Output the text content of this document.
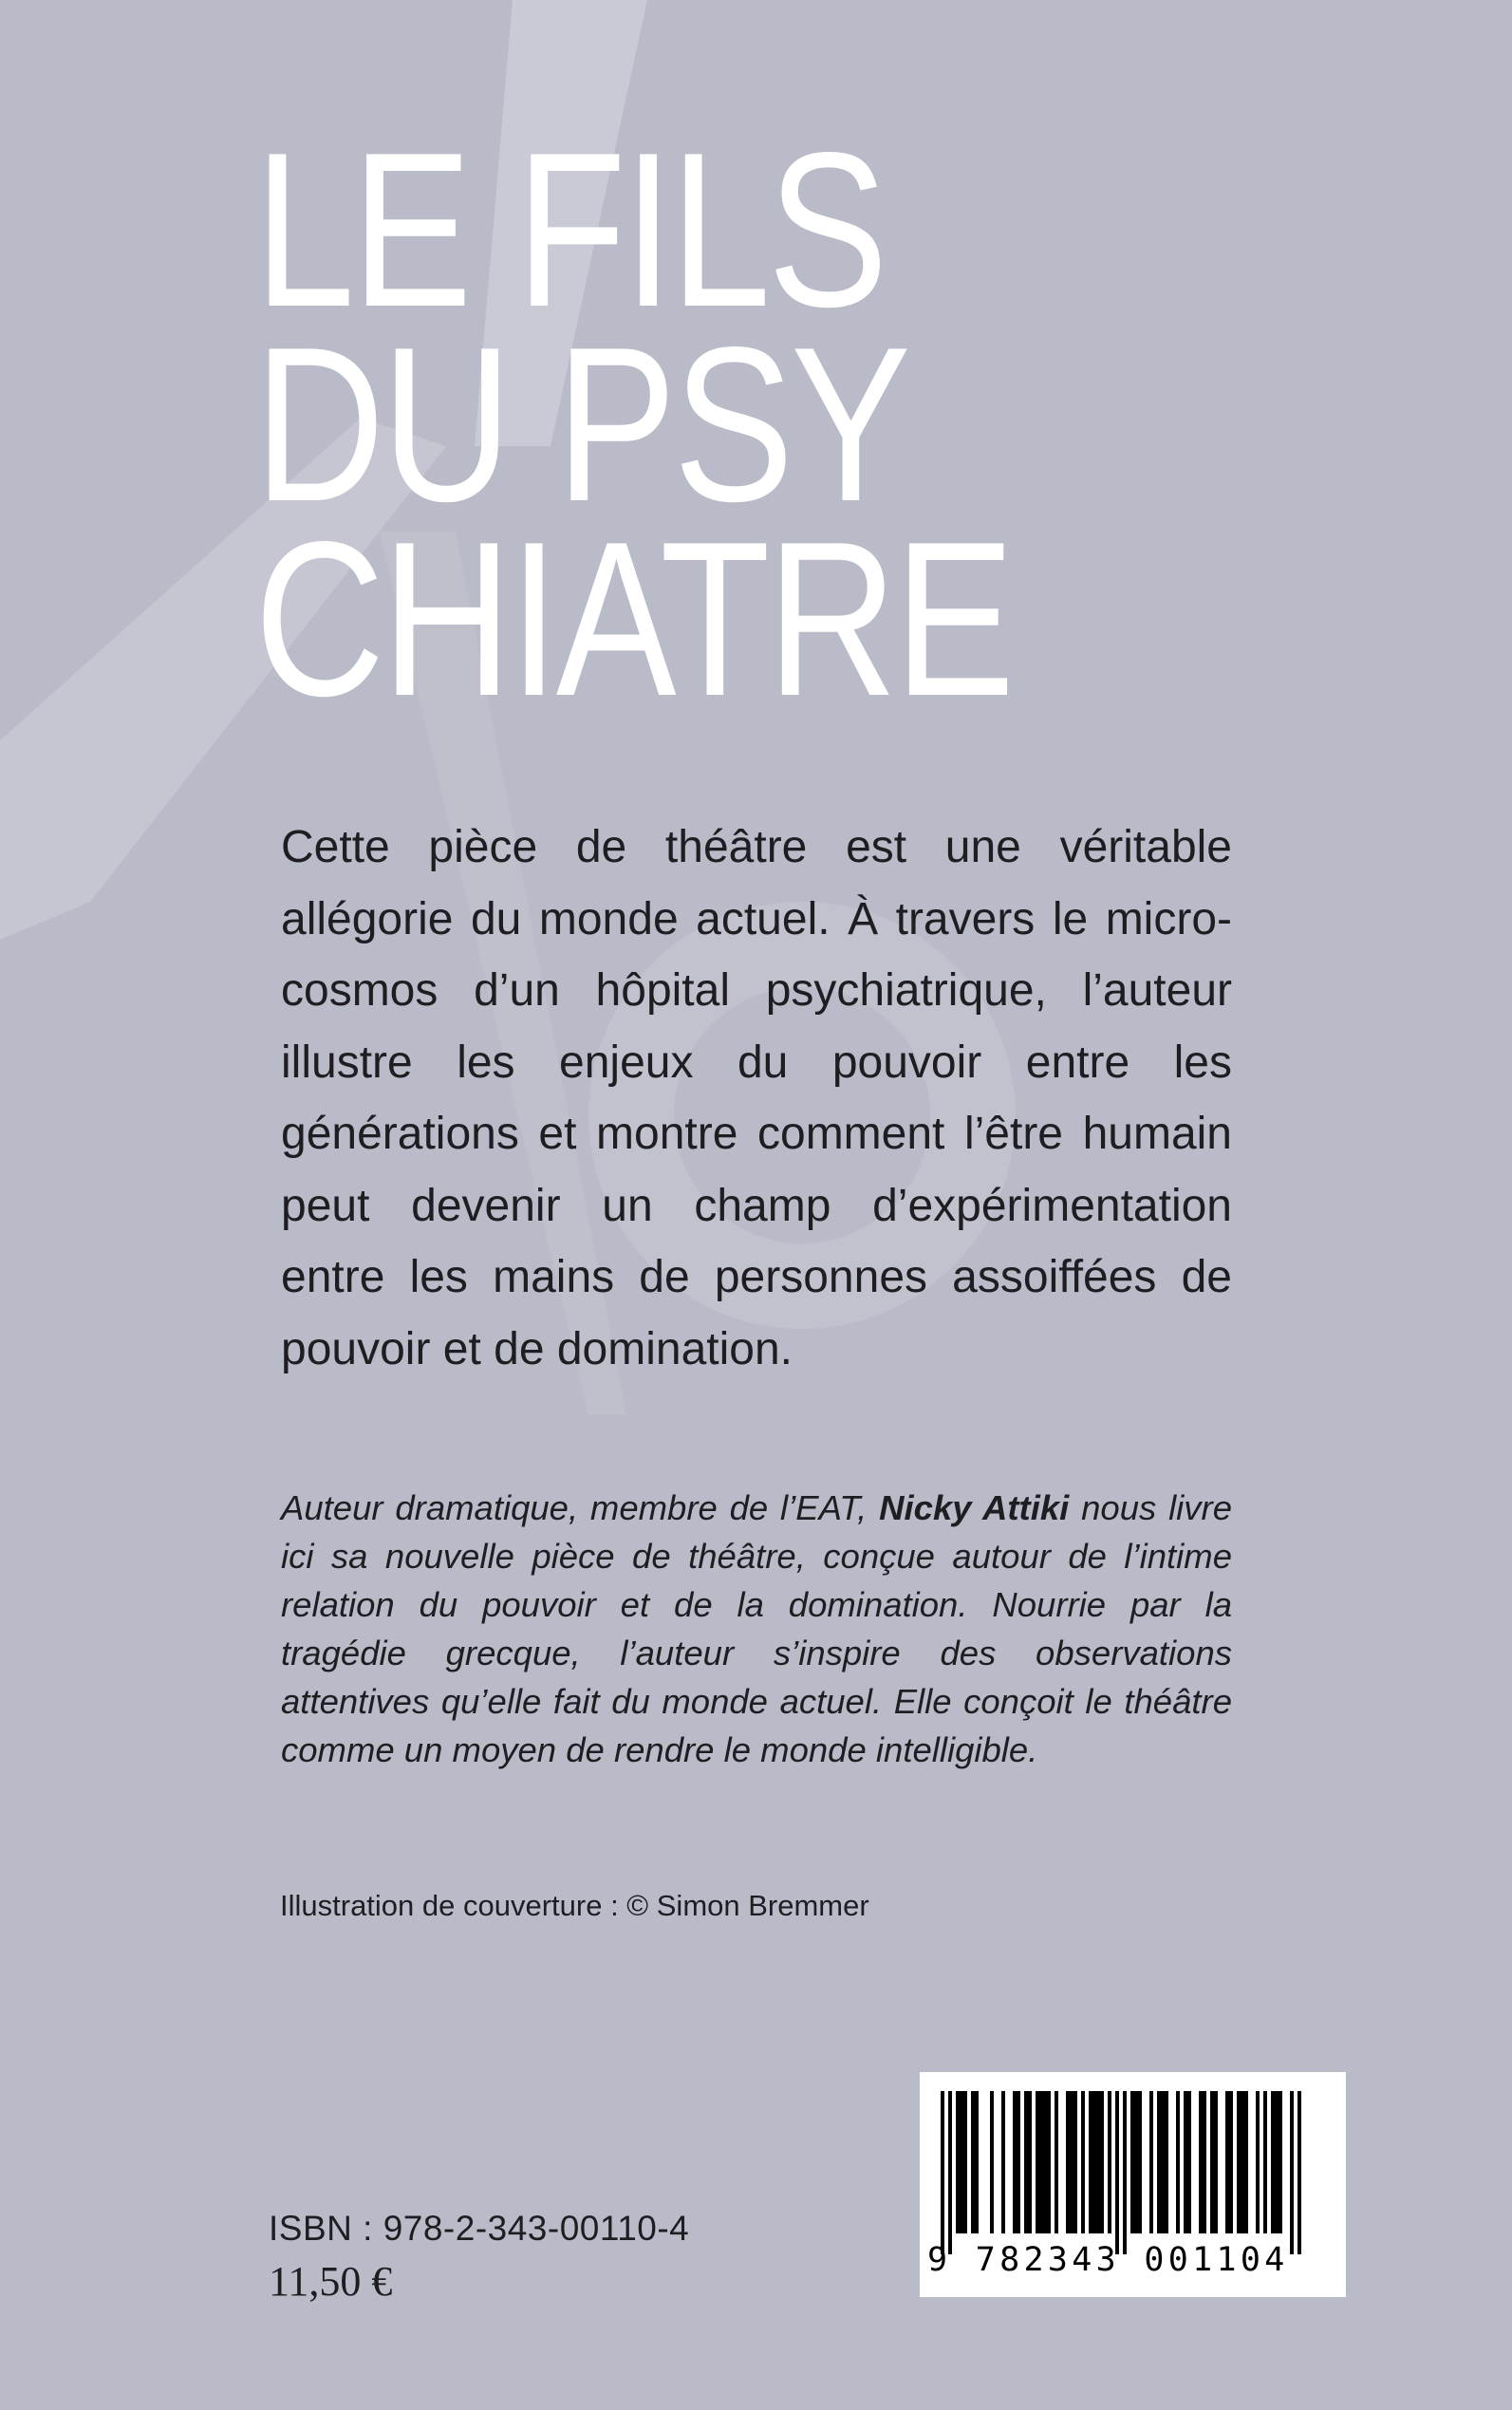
LE FILS
DU PSY
CHIATRE

Cette pièce de théâtre est une véritable allégorie du monde actuel. À travers le micro-cosmos d’un hôpital psychiatrique, l’auteur illustre les enjeux du pouvoir entre les générations et montre comment l’être humain peut devenir un champ d’expérimentation entre les mains de personnes assoiffées de pouvoir et de domination.

Auteur dramatique, membre de l’EAT, Nicky Attiki nous livre ici sa nouvelle pièce de théâtre, conçue autour de l’intime relation du pouvoir et de la domination. Nourrie par la tragédie grecque, l’auteur s’inspire des observations attentives qu’elle fait du monde actuel. Elle conçoit le théâtre comme un moyen de rendre le monde intelligible.

Illustration de couverture : © Simon Bremmer

ISBN : 978-2-343-00110-4

11,50 €	9 782343 001104
